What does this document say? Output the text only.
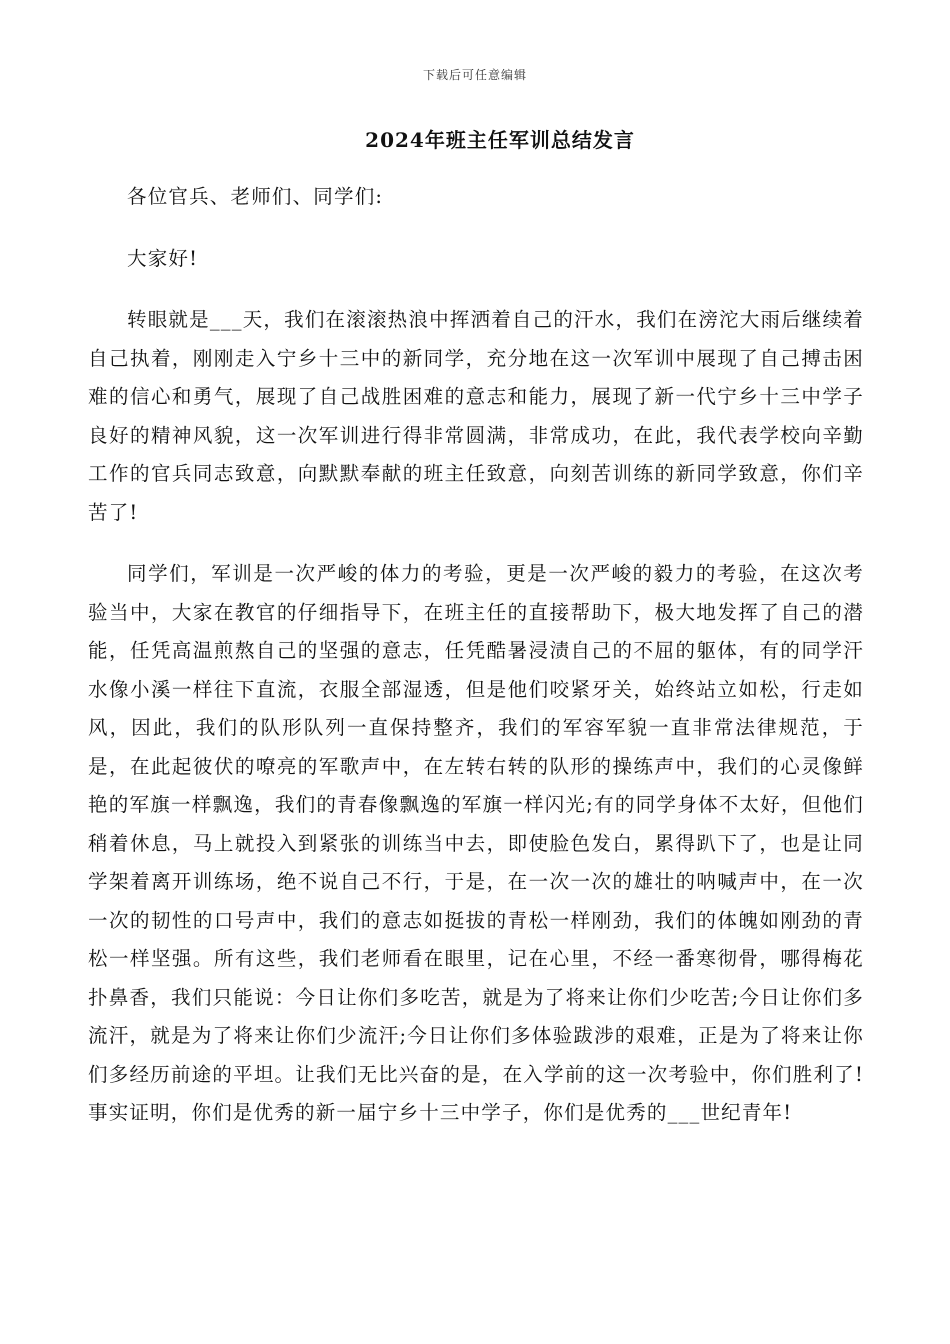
下载后可任意编辑
2024年班主任军训总结发言

各位官兵、老师们、同学们:

大家好!

转眼就是___天，我们在滚滚热浪中挥洒着自己的汗水，我们在滂沱大雨后继续着自己执着，刚刚走入宁乡十三中的新同学，充分地在这一次军训中展现了自己搏击困难的信心和勇气，展现了自己战胜困难的意志和能力，展现了新一代宁乡十三中学子良好的精神风貌，这一次军训进行得非常圆满，非常成功，在此，我代表学校向辛勤工作的官兵同志致意，向默默奉献的班主任致意，向刻苦训练的新同学致意，你们辛苦了!

同学们，军训是一次严峻的体力的考验，更是一次严峻的毅力的考验，在这次考验当中，大家在教官的仔细指导下，在班主任的直接帮助下，极大地发挥了自己的潜能，任凭高温煎熬自己的坚强的意志，任凭酷暑浸渍自己的不屈的躯体，有的同学汗水像小溪一样往下直流，衣服全部湿透，但是他们咬紧牙关，始终站立如松，行走如风，因此，我们的队形队列一直保持整齐，我们的军容军貌一直非常法律规范，于是，在此起彼伏的嘹亮的军歌声中，在左转右转的队形的操练声中，我们的心灵像鲜艳的军旗一样飘逸，我们的青春像飘逸的军旗一样闪光;有的同学身体不太好，但他们稍着休息，马上就投入到紧张的训练当中去，即使脸色发白，累得趴下了，也是让同学架着离开训练场，绝不说自己不行，于是，在一次一次的雄壮的呐喊声中，在一次一次的韧性的口号声中，我们的意志如挺拔的青松一样刚劲，我们的体魄如刚劲的青松一样坚强。所有这些，我们老师看在眼里，记在心里，不经一番寒彻骨，哪得梅花扑鼻香，我们只能说：今日让你们多吃苦，就是为了将来让你们少吃苦;今日让你们多流汗，就是为了将来让你们少流汗;今日让你们多体验跋涉的艰难，正是为了将来让你们多经历前途的平坦。让我们无比兴奋的是，在入学前的这一次考验中，你们胜利了!事实证明，你们是优秀的新一届宁乡十三中学子，你们是优秀的___世纪青年!
